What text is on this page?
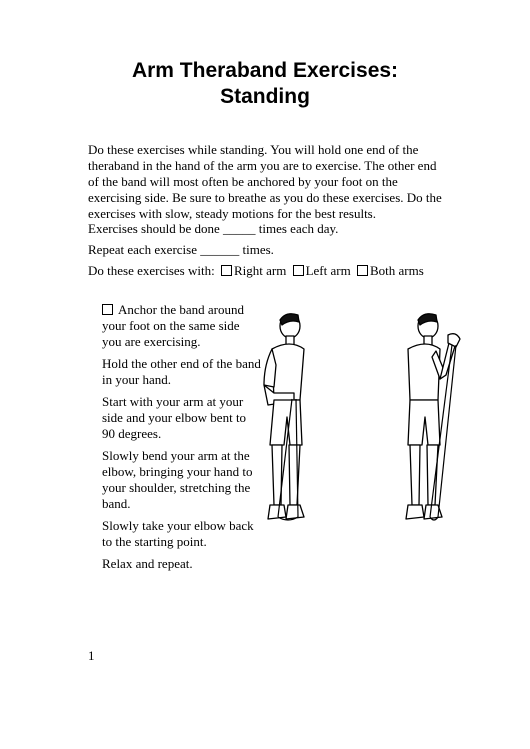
Arm Theraband Exercises:
Standing

Do these exercises while standing. You will hold one end of the theraband in the hand of the arm you are to exercise. The other end of the band will most often be anchored by your foot on the exercising side. Be sure to breathe as you do these exercises. Do the exercises with slow, steady motions for the best results.

Exercises should be done _____ times each day.

Repeat each exercise ______ times.

Do these exercises with: Right arm Left arm Both arms

Anchor the band around your foot on the same side you are exercising.

Hold the other end of the band in your hand.

Start with your arm at your side and your elbow bent to 90 degrees.

Slowly bend your arm at the elbow, bringing your hand to your shoulder, stretching the band.

Slowly take your elbow back to the starting point.

Relax and repeat.

1
